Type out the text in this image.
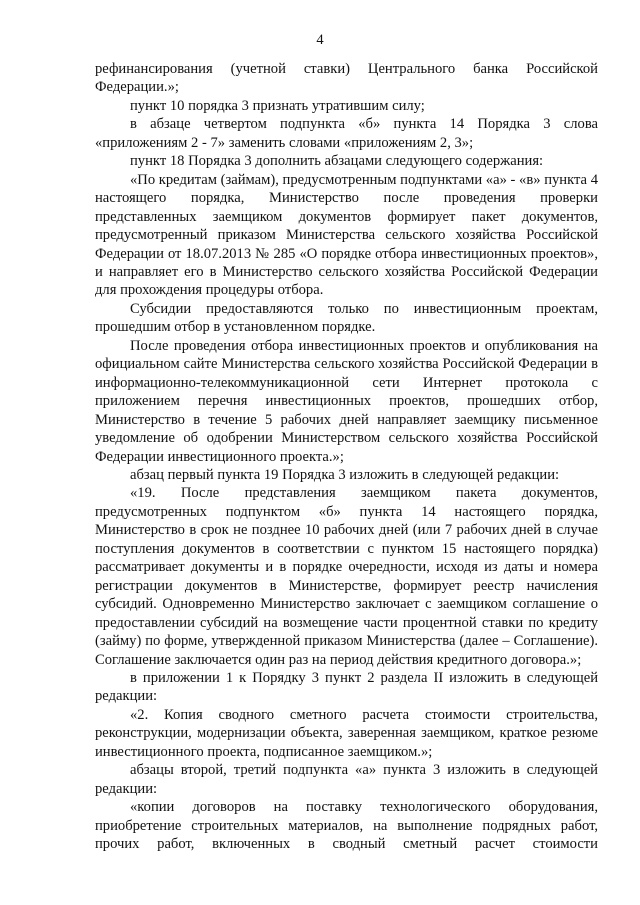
4

рефинансирования (учетной ставки) Центрального банка Российской Федерации.»;

пункт 10 порядка 3 признать утратившим силу;

в абзаце четвертом подпункта «б» пункта 14 Порядка 3 слова «приложениям 2 - 7» заменить словами «приложениям 2, 3»;

пункт 18 Порядка 3 дополнить абзацами следующего содержания:

«По кредитам (займам), предусмотренным подпунктами «а» - «в» пункта 4 настоящего порядка, Министерство после проведения проверки представленных заемщиком документов формирует пакет документов, предусмотренный приказом Министерства сельского хозяйства Российской Федерации от 18.07.2013 № 285 «О порядке отбора инвестиционных проектов», и направляет его в Министерство сельского хозяйства Российской Федерации для прохождения процедуры отбора.

Субсидии предоставляются только по инвестиционным проектам, прошедшим отбор в установленном порядке.

После проведения отбора инвестиционных проектов и опубликования на официальном сайте Министерства сельского хозяйства Российской Федерации в информационно-телекоммуникационной сети Интернет протокола с приложением перечня инвестиционных проектов, прошедших отбор, Министерство в течение 5 рабочих дней направляет заемщику письменное уведомление об одобрении Министерством сельского хозяйства Российской Федерации инвестиционного проекта.»;

абзац первый пункта 19 Порядка 3 изложить в следующей редакции:

«19. После представления заемщиком пакета документов, предусмотренных подпунктом «б» пункта 14 настоящего порядка, Министерство в срок не позднее 10 рабочих дней (или 7 рабочих дней в случае поступления документов в соответствии с пунктом 15 настоящего порядка) рассматривает документы и в порядке очередности, исходя из даты и номера регистрации документов в Министерстве, формирует реестр начисления субсидий. Одновременно Министерство заключает с заемщиком соглашение о предоставлении субсидий на возмещение части процентной ставки по кредиту (займу) по форме, утвержденной приказом Министерства (далее – Соглашение). Соглашение заключается один раз на период действия кредитного договора.»;

в приложении 1 к Порядку 3 пункт 2 раздела II изложить в следующей редакции:

«2. Копия сводного сметного расчета стоимости строительства, реконструкции, модернизации объекта, заверенная заемщиком, краткое резюме инвестиционного проекта, подписанное заемщиком.»;

абзацы второй, третий подпункта «а» пункта 3 изложить в следующей редакции:

«копии договоров на поставку технологического оборудования, приобретение строительных материалов, на выполнение подрядных работ, прочих работ, включенных в сводный сметный расчет стоимости
